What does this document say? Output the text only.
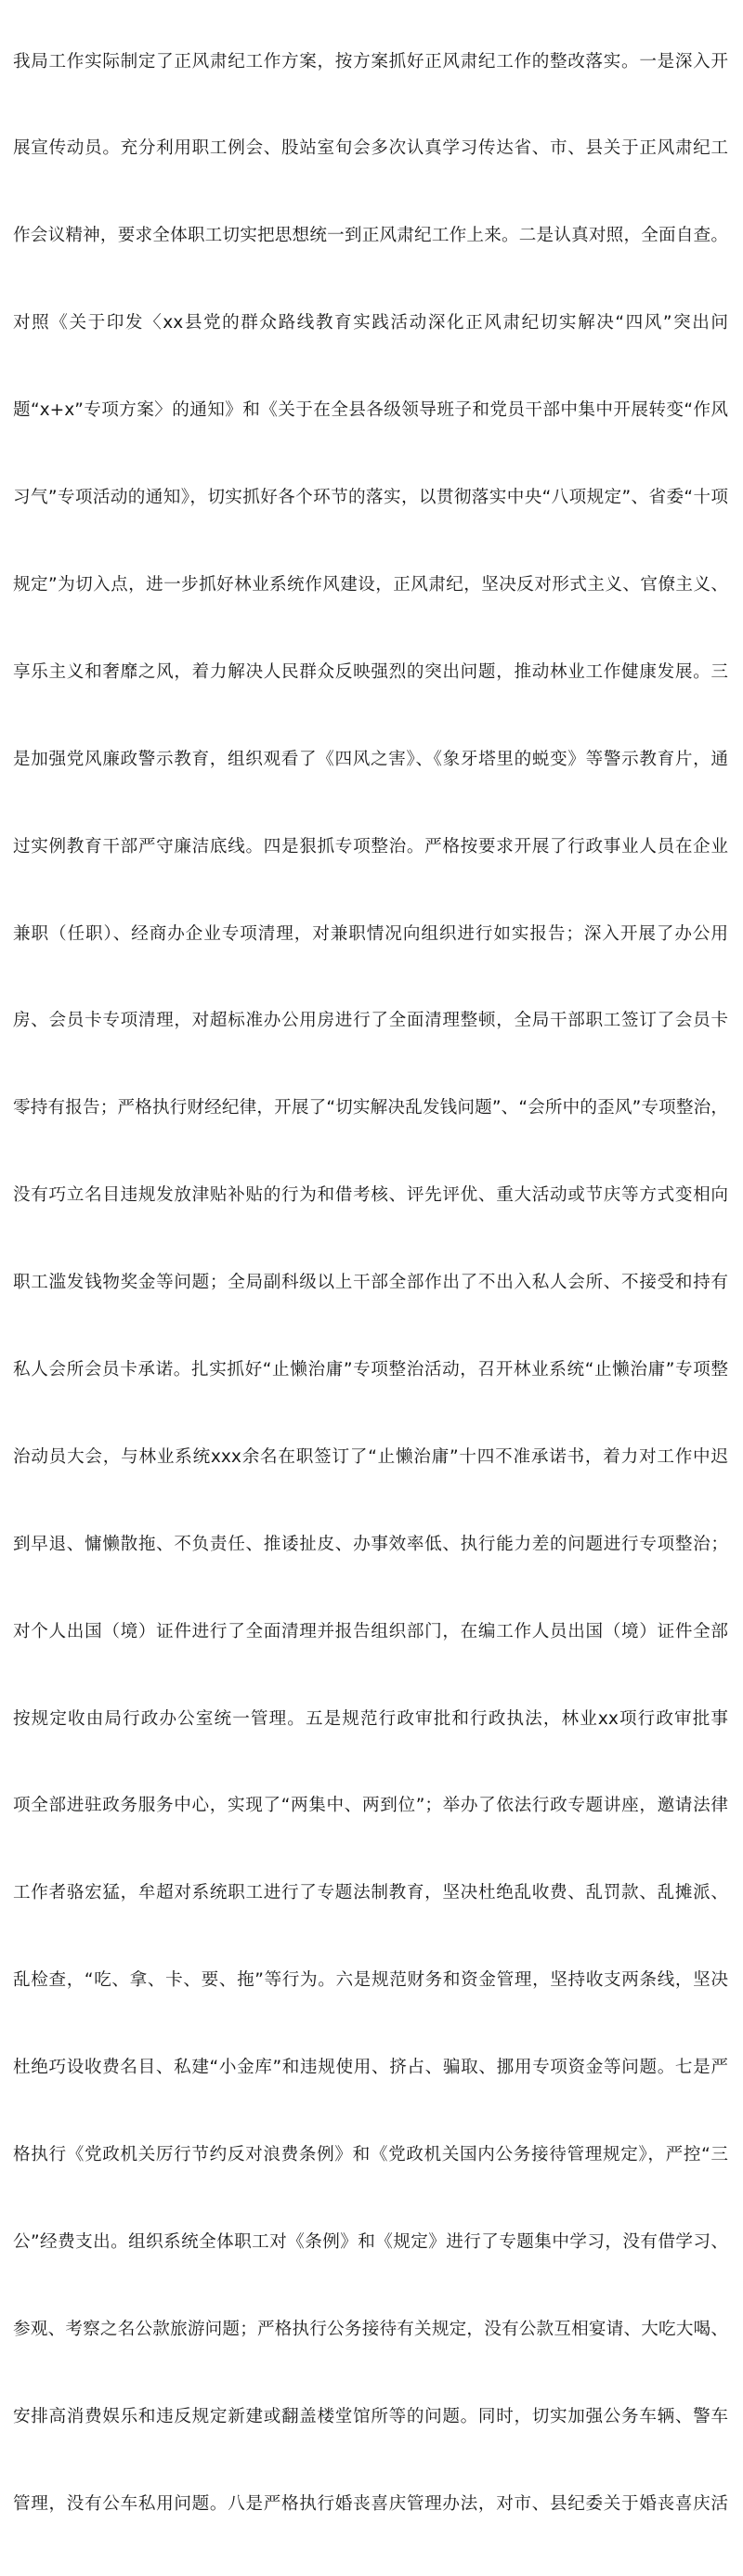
我局工作实际制定了正风肃纪工作方案，按方案抓好正风肃纪工作的整改落实。一是深入开

展宣传动员。充分利用职工例会、股站室旬会多次认真学习传达省、市、县关于正风肃纪工

作会议精神，要求全体职工切实把思想统一到正风肃纪工作上来。二是认真对照，全面自查。

对照《关于印发〈xx县党的群众路线教育实践活动深化正风肃纪切实解决“四风”突出问

题“x+x”专项方案〉的通知》和《关于在全县各级领导班子和党员干部中集中开展转变“作风

习气”专项活动的通知》，切实抓好各个环节的落实，以贯彻落实中央“八项规定”、省委“十项

规定”为切入点，进一步抓好林业系统作风建设，正风肃纪，坚决反对形式主义、官僚主义、

享乐主义和奢靡之风，着力解决人民群众反映强烈的突出问题，推动林业工作健康发展。三

是加强党风廉政警示教育，组织观看了《四风之害》、《象牙塔里的蜕变》等警示教育片，通

过实例教育干部严守廉洁底线。四是狠抓专项整治。严格按要求开展了行政事业人员在企业

兼职（任职）、经商办企业专项清理，对兼职情况向组织进行如实报告；深入开展了办公用

房、会员卡专项清理，对超标准办公用房进行了全面清理整顿，全局干部职工签订了会员卡

零持有报告；严格执行财经纪律，开展了“切实解决乱发钱问题”、“会所中的歪风”专项整治，

没有巧立名目违规发放津贴补贴的行为和借考核、评先评优、重大活动或节庆等方式变相向

职工滥发钱物奖金等问题；全局副科级以上干部全部作出了不出入私人会所、不接受和持有

私人会所会员卡承诺。扎实抓好“止懒治庸”专项整治活动，召开林业系统“止懒治庸”专项整

治动员大会，与林业系统xxx余名在职签订了“止懒治庸”十四不准承诺书，着力对工作中迟

到早退、慵懒散拖、不负责任、推诿扯皮、办事效率低、执行能力差的问题进行专项整治；

对个人出国（境）证件进行了全面清理并报告组织部门，在编工作人员出国（境）证件全部

按规定收由局行政办公室统一管理。五是规范行政审批和行政执法，林业xx项行政审批事

项全部进驻政务服务中心，实现了“两集中、两到位”；举办了依法行政专题讲座，邀请法律

工作者骆宏猛，牟超对系统职工进行了专题法制教育，坚决杜绝乱收费、乱罚款、乱摊派、

乱检查，“吃、拿、卡、要、拖”等行为。六是规范财务和资金管理，坚持收支两条线，坚决

杜绝巧设收费名目、私建“小金库”和违规使用、挤占、骗取、挪用专项资金等问题。七是严

格执行《党政机关厉行节约反对浪费条例》和《党政机关国内公务接待管理规定》，严控“三

公”经费支出。组织系统全体职工对《条例》和《规定》进行了专题集中学习，没有借学习、

参观、考察之名公款旅游问题；严格执行公务接待有关规定，没有公款互相宴请、大吃大喝、

安排高消费娱乐和违反规定新建或翻盖楼堂馆所等的问题。同时，切实加强公务车辆、警车

管理，没有公车私用问题。八是严格执行婚丧喜庆管理办法，对市、县纪委关于婚丧喜庆活
